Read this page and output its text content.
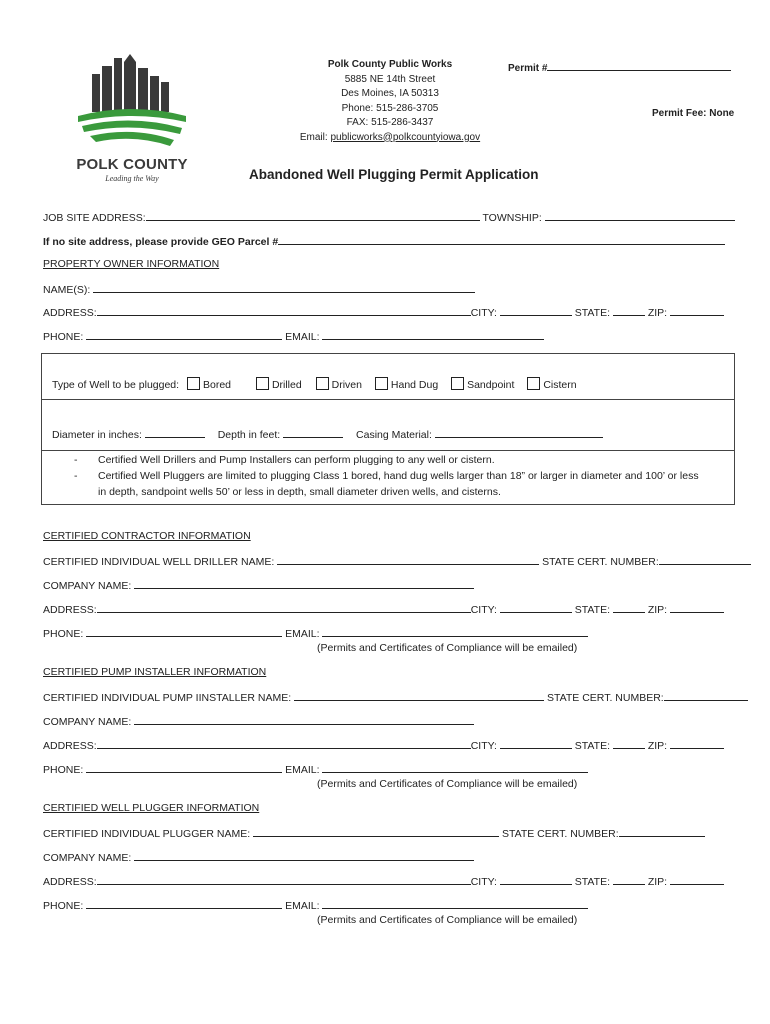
POLK COUNTY
Leading the Way
Polk County Public Works
5885 NE 14th Street
Des Moines, IA 50313
Phone: 515-286-3705
FAX: 515-286-3437
Email: publicworks@polkcountyiowa.gov
Permit #
Permit Fee: None
Abandoned Well Plugging Permit Application
JOB SITE ADDRESS:	TOWNSHIP:
If no site address, please provide GEO Parcel #
PROPERTY OWNER INFORMATION
NAME(S):
ADDRESS:	CITY:	STATE:	ZIP:
PHONE:	EMAIL:
Type of Well to be plugged: Bored	Drilled	Driven	Hand Dug	Sandpoint	Cistern
Diameter in inches:	Depth in feet:	Casing Material:
- Certified Well Drillers and Pump Installers can perform plugging to any well or cistern.
- Certified Well Pluggers are limited to plugging Class 1 bored, hand dug wells larger than 18” or larger in diameter and 100’ or less
in depth, sandpoint wells 50’ or less in depth, small diameter driven wells, and cisterns.
CERTIFIED CONTRACTOR INFORMATION
CERTIFIED INDIVIDUAL WELL DRILLER NAME:	STATE CERT. NUMBER:
COMPANY NAME:
ADDRESS:	CITY:	STATE:	ZIP:
PHONE:	EMAIL:
(Permits and Certificates of Compliance will be emailed)
CERTIFIED PUMP INSTALLER INFORMATION
CERTIFIED INDIVIDUAL PUMP IINSTALLER NAME:	STATE CERT. NUMBER:
COMPANY NAME:
ADDRESS:	CITY:	STATE:	ZIP:
PHONE:	EMAIL:
(Permits and Certificates of Compliance will be emailed)
CERTIFIED WELL PLUGGER INFORMATION
CERTIFIED INDIVIDUAL PLUGGER NAME:	STATE CERT. NUMBER:
COMPANY NAME:
ADDRESS:	CITY:	STATE:	ZIP:
PHONE:	EMAIL:
(Permits and Certificates of Compliance will be emailed)
